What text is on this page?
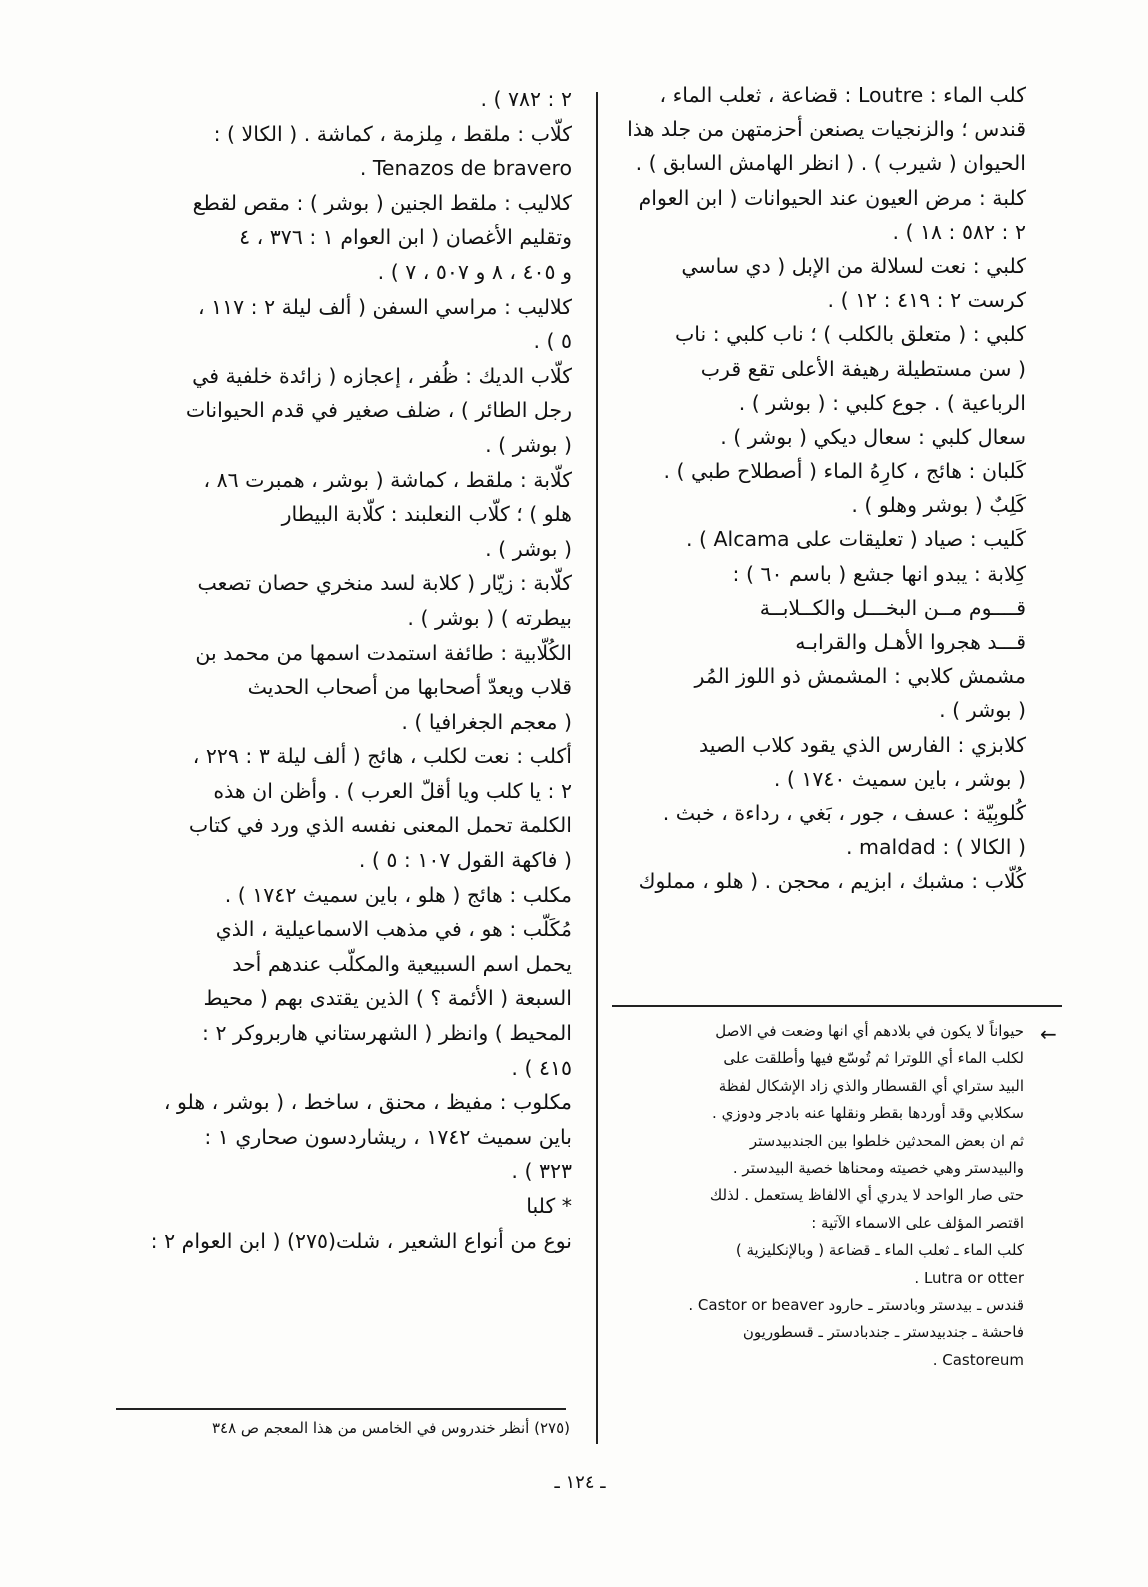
كلب الماء : Loutre : قضاعة ، ثعلب الماء ،
قندس ؛ والزنجيات يصنعن أحزمتهن من جلد هذا
الحيوان ( شيرب ) . ( انظر الهامش السابق ) .
كلبة : مرض العيون عند الحيوانات ( ابن العوام
٢ : ٥٨٢ : ١٨ ) .
كلبي : نعت لسلالة من الإبل ( دي ساسي
كرست ٢ : ٤١٩ : ١٢ ) .
كلبي : ( متعلق بالكلب ) ؛ ناب كلبي : ناب
( سن مستطيلة رهيفة الأعلى تقع قرب
الرباعية ) . جوع كلبي : ( بوشر ) .
سعال كلبي : سعال ديكي ( بوشر ) .
كَلبان : هائج ، كارِهُ الماء ( أصطلاح طبي ) .
كَلِبٌ ( بوشر وهلو ) .
كَليب : صياد ( تعليقات على Alcama ) .
كِلابة : يبدو انها جشع ( باسم ٦٠ ) :
قــــوم مــن البخـــل والكــلابــة
قـــد هجروا الأهـل والقرابـه
مشمش كلابي : المشمش ذو اللوز المُر
( بوشر ) .
كلابزي : الفارس الذي يقود كلاب الصيد
( بوشر ، باين سميث ١٧٤٠ ) .
كُلوبِيّة : عسف ، جور ، بَغي ، رداءة ، خبث .
( الكالا ) : maldad .
كُلّاب : مشبك ، ابزيم ، محجن . ( هلو ، مملوك
٢ : ٧٨٢ ) .
كلّاب : ملقط ، مِلزمة ، كماشة . ( الكالا ) :
Tenazos de bravero .
كلاليب : ملقط الجنين ( بوشر ) : مقص لقطع
وتقليم الأغصان ( ابن العوام ١ : ٣٧٦ ، ٤
و ٤٠٥ ، ٨ و ٥٠٧ ، ٧ ) .
كلاليب : مراسي السفن ( ألف ليلة ٢ : ١١٧ ،
٥ ) .
كلّاب الديك : ظُفر ، إعجازه ( زائدة خلفية في
رجل الطائر ) ، ضلف صغير في قدم الحيوانات
( بوشر ) .
كلّابة : ملقط ، كماشة ( بوشر ، همبرت ٨٦ ،
هلو ) ؛ كلّاب النعلبند : كلّابة البيطار
( بوشر ) .
كلّابة : زيّار ( كلابة لسد منخري حصان تصعب
بيطرته ) ( بوشر ) .
الكُلّابية : طائفة استمدت اسمها من محمد بن
قلاب ويعدّ أصحابها من أصحاب الحديث
( معجم الجغرافيا ) .
أكلب : نعت لكلب ، هائج ( ألف ليلة ٣ : ٢٢٩ ،
٢ : يا كلب ويا أقلّ العرب ) . وأظن ان هذه
الكلمة تحمل المعنى نفسه الذي ورد في كتاب
( فاكهة القول ١٠٧ : ٥ ) .
مكلب : هائج ( هلو ، باين سميث ١٧٤٢ ) .
مُكَلّب : هو ، في مذهب الاسماعيلية ، الذي
يحمل اسم السبيعية والمكلّب عندهم أحد
السبعة ( الأئمة ؟ ) الذين يقتدى بهم ( محيط
المحيط ) وانظر ( الشهرستاني هاربروكر ٢ :
٤١٥ ) .
مكلوب : مفيظ ، محنق ، ساخط ، ( بوشر ، هلو ،
باين سميث ١٧٤٢ ، ريشاردسون صحاري ١ :
٣٢٣ ) .
* كلبا
نوع من أنواع الشعير ، شلت(٢٧٥) ( ابن العوام ٢ :
←
حيواناً لا يكون في بلادهم أي انها وضعت في الاصل
لكلب الماء أي اللوترا ثم تُوسّع فيها وأطلقت على
البيد ستراي أي القسطار والذي زاد الإشكال لفظة
سكلابي وقد أوردها بقطر ونقلها عنه بادجر ودوزي .
ثم ان بعض المحدثين خلطوا بين الجندبيدستر
والبيدستر وهي خصيته ومحناها خصية البيدستر .
حتى صار الواحد لا يدري أي الالفاظ يستعمل . لذلك
اقتصر المؤلف على الاسماء الآتية :
كلب الماء ـ ثعلب الماء ـ قضاعة ( وبالإنكليزية )
Lutra or otter .
قندس ـ بيدستر وبادستر ـ حارود Castor or beaver .
فاحشة ـ جندبيدستر ـ جندبادستر ـ قسطوريون
Castoreum .
(٢٧٥) أنظر خندروس في الخامس من هذا المعجم ص ٣٤٨
ـ ١٢٤ ـ
